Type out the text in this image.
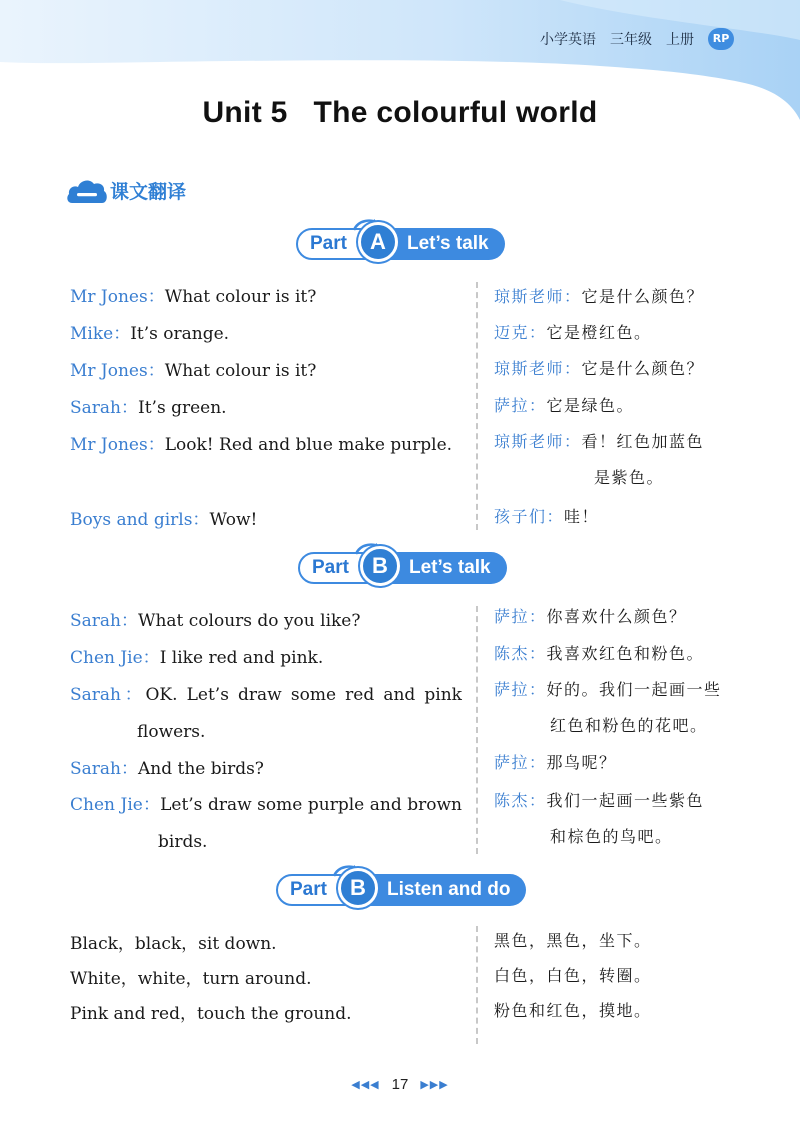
小学英语 三年级 上册	RP
Unit 5   The colourful world
课文翻译
Part	A	Let’s talk
Mr Jones：What colour is it?
Mike：It’s orange.
Mr Jones：What colour is it?
Sarah：It’s green.
Mr Jones：Look! Red and blue make purple.
Boys and girls：Wow!
琼斯老师：它是什么颜色？
迈克：它是橙红色。
琼斯老师：它是什么颜色？
萨拉：它是绿色。
琼斯老师：看！红色加蓝色
是紫色。
孩子们：哇！
Part	B	Let’s talk
Sarah：What colours do you like?
Chen Jie：I like red and pink.
Sarah：OK. Let’s draw some red and pink
flowers.
Sarah：And the birds?
Chen Jie：Let’s draw some purple and brown
birds.
萨拉：你喜欢什么颜色？
陈杰：我喜欢红色和粉色。
萨拉：好的。我们一起画一些
红色和粉色的花吧。
萨拉：那鸟呢？
陈杰：我们一起画一些紫色
和棕色的鸟吧。
Part	B	Listen and do
Black，black，sit down.
White，white，turn around.
Pink and red，touch the ground.
黑色，黑色，坐下。
白色，白色，转圈。
粉色和红色，摸地。
◀◀◀ 17 ▶▶▶
